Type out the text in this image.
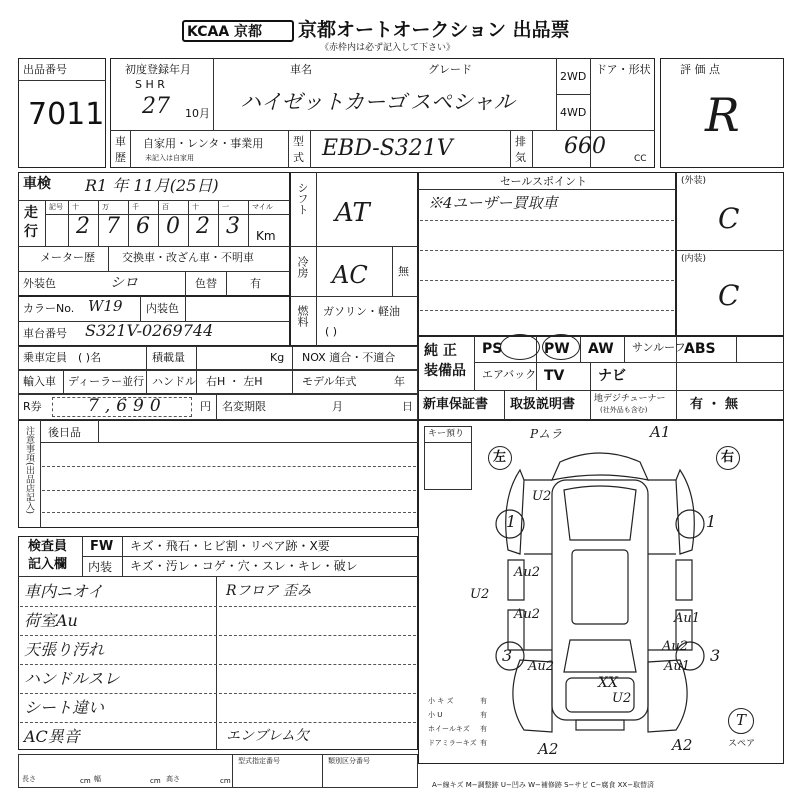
KCAA 京都 京都オートオークション 出品票
《赤枠内は必ず記入して下さい》
出品番号
7011
初度登録年月
S H R
27 10月
車名
ハイゼットカーゴ
グレード
スペシャル
2WD
4WD
ドア・形状	評 価 点
R
車
歴
自家用・レンタ・事業用
未記入は自家用
型
式 EBD-S321V	排
気 660	CC
車検 R1 年 11月(25日)
走
行
記号 十	万	千	百	十	一	マイル
2 7 6 0 2 3 Km
メーター歴 交換車・改ざん車・不明車
外装色	シロ	色替	有
カラーNo. W19 内装色
車台番号 S321V-0269744
シフト AT
冷房 AC	無
燃料 ガソリン・軽油
( )
セールスポイント
※4ユーザー買取車
(外装)
C
(内装)
C
乗車定員 ( )名	積載量	Kg NOX 適合・不適合
輸入車 ディーラー並行 ハンドル 右H ・ 左H	モデル年式	年
R券	7,690	円 名変期限	月	日
純 正
装備品
PS	PW AW サンルーフ
ABS
エアバック TV ナビ
新車保証書 取扱説明書 地デジチューナー
(社外品も含む)	有 ・ 無
注意事項(出品店記入) 後日品
検査員
記入欄
FW キズ・飛石・ヒビ割・リペア跡・X要
内装 キズ・汚レ・コゲ・穴・スレ・キレ・破レ
車内ニオイ	Rフロア 歪み
荷室Au
天張り汚れ
ハンドルスレ
シート違い
AC異音	エンブレム欠
キー預り
左	右
Pムラ	A1
U2
1	1
Au2
U2
Au2	Au1
3	3
Au2	Au1
Au2
XX
U2
A2	A2
小 キ ズ	有
小 U	有
ホイールキズ 有
ドアミラーキズ 有
T
スペア
長さ	cm 幅	cm 高さ	cm
型式指定番号	類別区分番号
A−線キズ M−調整跡 U−凹み W−補修跡 S−サビ C−腐食 XX−取替済
